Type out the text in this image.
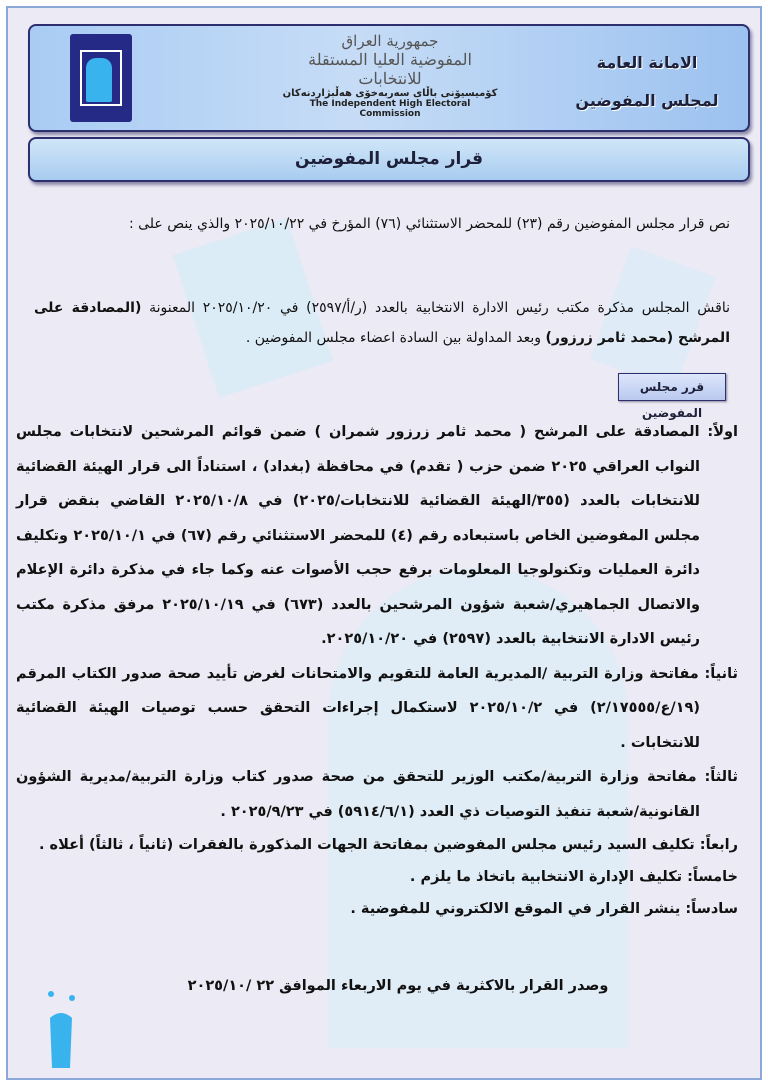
جمهورية العراق
المفوضية العليا المستقلة للانتخابات
کۆمیسیۆنی باڵای سەربەخۆی هەڵبژاردنەکان
The Independent High Electoral Commission
الامانة العامة
لمجلس المفوضين
قرار مجلس المفوضين
نص قرار مجلس المفوضين رقم (٢٣) للمحضر الاستثنائي (٧٦) المؤرخ في ٢٠٢٥/١٠/٢٢ والذي ينص على :
ناقش المجلس مذكرة مكتب رئيس الادارة الانتخابية بالعدد (ر/أ/٢٥٩٧) في ٢٠٢٥/١٠/٢٠ المعنونة (المصادقة على المرشح (محمد ثامر زرزور) وبعد المداولة بين السادة اعضاء مجلس المفوضين .
قرر مجلس المفوضين
اولاً: المصادقة على المرشح ( محمد ثامر زرزور شمران ) ضمن قوائم المرشحين لانتخابات مجلس النواب العراقي ٢٠٢٥ ضمن حزب ( تقدم) في محافظة (بغداد) ، استناداً الى قرار الهيئة القضائية للانتخابات بالعدد (٣٥٥/الهيئة القضائية للانتخابات/٢٠٢٥) في ٢٠٢٥/١٠/٨ القاضي بنقض قرار مجلس المفوضين الخاص باستبعاده رقم (٤) للمحضر الاستثنائي رقم (٦٧) في ٢٠٢٥/١٠/١ وتكليف دائرة العمليات وتكنولوجيا المعلومات برفع حجب الأصوات عنه وكما جاء في مذكرة دائرة الإعلام والاتصال الجماهيري/شعبة شؤون المرشحين بالعدد (٦٧٣) في ٢٠٢٥/١٠/١٩ مرفق مذكرة مكتب رئيس الادارة الانتخابية بالعدد (٢٥٩٧) في ٢٠٢٥/١٠/٢٠.
ثانياً: مفاتحة وزارة التربية /المديرية العامة للتقويم والامتحانات لغرض تأييد صحة صدور الكتاب المرقم (١٩/ع/٢/١٧٥٥٥) في ٢٠٢٥/١٠/٢ لاستكمال إجراءات التحقق حسب توصيات الهيئة القضائية للانتخابات .
ثالثاً: مفاتحة وزارة التربية/مكتب الوزير للتحقق من صحة صدور كتاب وزارة التربية/مديرية الشؤون القانونية/شعبة تنفيذ التوصيات ذي العدد (٥٩١٤/٦/١) في ٢٠٢٥/٩/٢٣ .
رابعاً: تكليف السيد رئيس مجلس المفوضين بمفاتحة الجهات المذكورة بالفقرات (ثانياً ، ثالثاً) أعلاه .
خامساً: تكليف الإدارة الانتخابية باتخاذ ما يلزم .
سادساً: ينشر القرار في الموقع الالكتروني للمفوضية .
وصدر القرار بالاكثرية في يوم الاربعاء الموافق ٢٢ /٢٠٢٥/١٠
